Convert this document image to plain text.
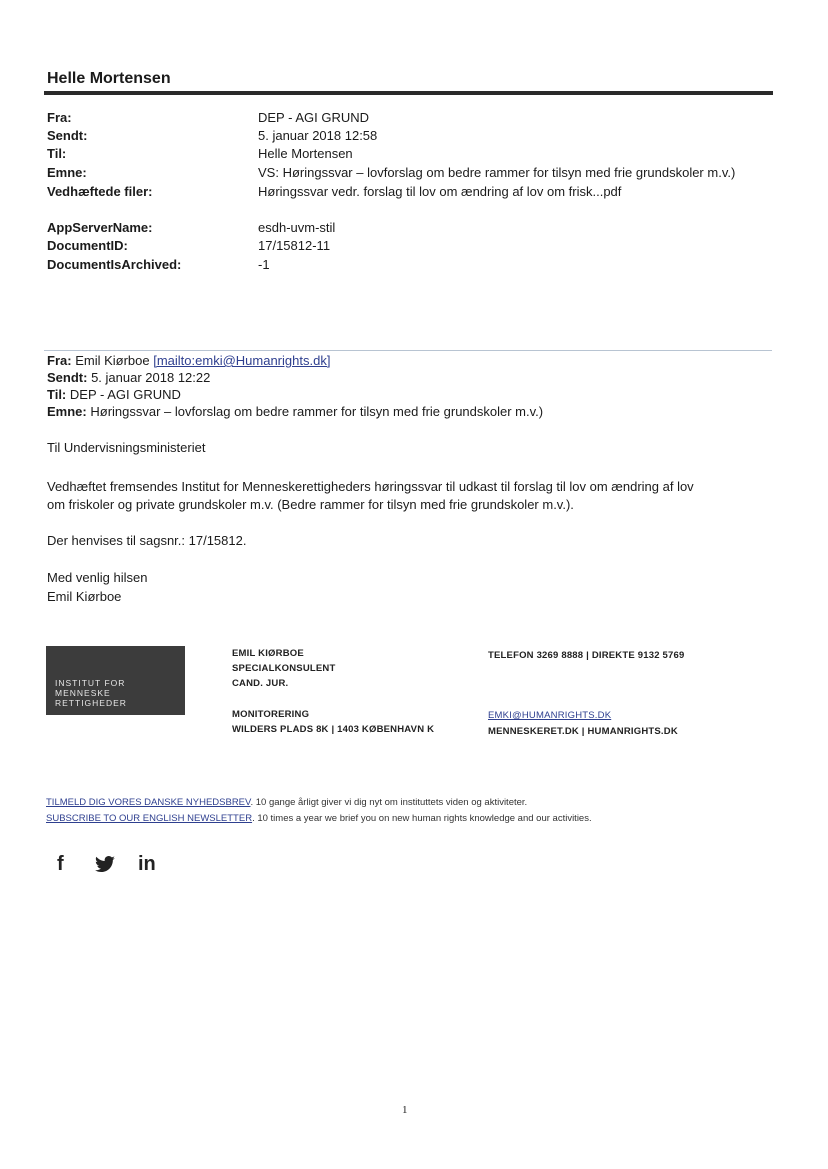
Helle Mortensen
Fra:	DEP - AGI GRUND
Sendt:	5. januar 2018 12:58
Til:	Helle Mortensen
Emne:	VS: Høringssvar – lovforslag om bedre rammer for tilsyn med frie grundskoler m.v.)
Vedhæftede filer:	Høringssvar vedr. forslag til lov om ændring af lov om frisk...pdf
AppServerName:	esdh-uvm-stil
DocumentID:	17/15812-11
DocumentIsArchived:	-1
Fra: Emil Kiørboe [mailto:emki@Humanrights.dk]
Sendt: 5. januar 2018 12:22
Til: DEP - AGI GRUND
Emne: Høringssvar – lovforslag om bedre rammer for tilsyn med frie grundskoler m.v.)
Til Undervisningsministeriet
Vedhæftet fremsendes Institut for Menneskerettigheders høringssvar til udkast til forslag til lov om ændring af lov
om friskoler og private grundskoler m.v. (Bedre rammer for tilsyn med frie grundskoler m.v.).
Der henvises til sagsnr.: 17/15812.
Med venlig hilsen
Emil Kiørboe
INSTITUT FOR
MENNESKE
RETTIGHEDER
EMIL KIØRBOE
SPECIALKONSULENT
CAND. JUR.
MONITORERING
WILDERS PLADS 8K | 1403 KØBENHAVN K
TELEFON 3269 8888 | DIREKTE 9132 5769
EMKI@HUMANRIGHTS.DK
MENNESKERET.DK | HUMANRIGHTS.DK
TILMELD DIG VORES DANSKE NYHEDSBREV. 10 gange årligt giver vi dig nyt om instituttets viden og aktiviteter.
SUBSCRIBE TO OUR ENGLISH NEWSLETTER. 10 times a year we brief you on new human rights knowledge and our activities.
f	in
1
